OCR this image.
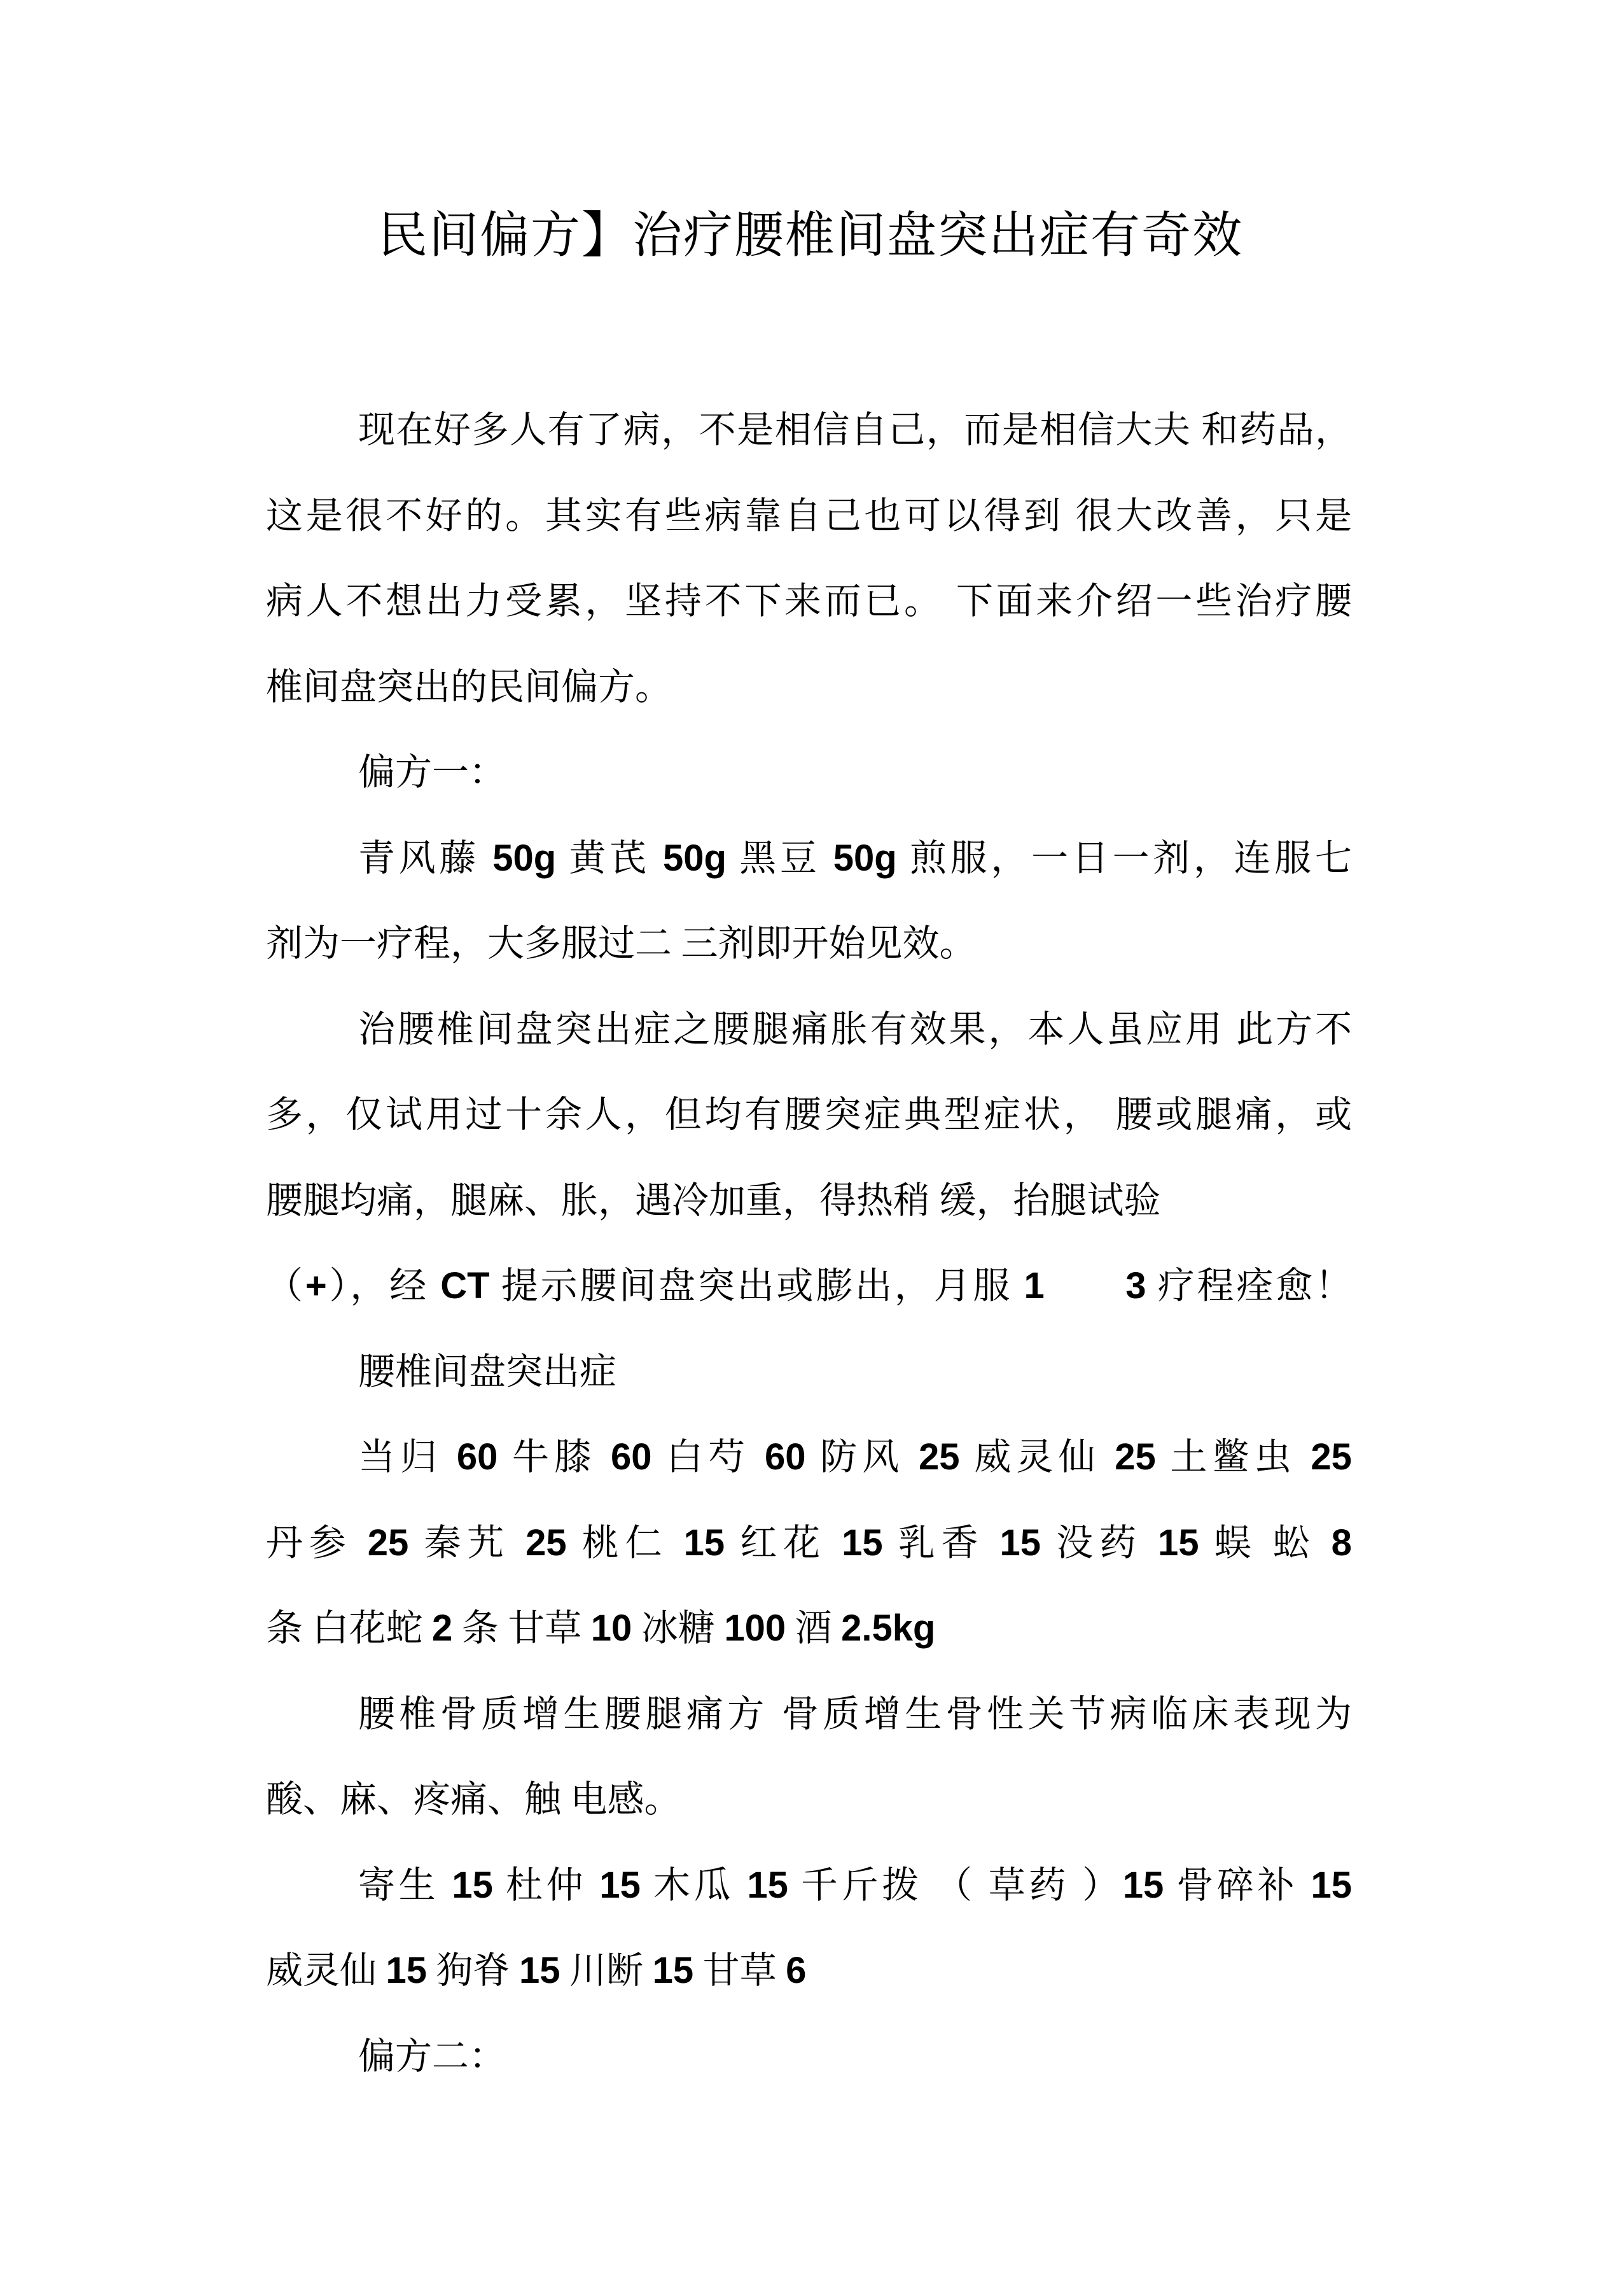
民间偏方】治疗腰椎间盘突出症有奇效
现在好多人有了病，不是相信自己，而是相信大夫 和药品，
这是很不好的。其实有些病靠自己也可以得到 很大改善，只是
病人不想出力受累，坚持不下来而已。 下面来介绍一些治疗腰
椎间盘突出的民间偏方。
偏方一：
青风藤 50g 黄芪 50g 黑豆 50g 煎服，一日一剂，连服七
剂为一疗程，大多服过二 三剂即开始见效。
治腰椎间盘突出症之腰腿痛胀有效果，本人虽应用 此方不
多，仅试用过十余人，但均有腰突症典型症状， 腰或腿痛，或
腰腿均痛，腿麻、胀，遇冷加重，得热稍 缓，抬腿试验
（+），经 CT 提示腰间盘突出或膨出，月服 1　　 3 疗程痊愈！
腰椎间盘突出症
当归 60 牛膝 60 白芍 60 防风 25 威灵仙 25 土鳖虫 25
丹参 25 秦艽 25 桃仁 15 红花 15 乳香 15 没药 15 蜈 蚣 8
条 白花蛇 2 条 甘草 10 冰糖 100 酒 2.5kg
腰椎骨质增生腰腿痛方 骨质增生骨性关节病临床表现为
酸、麻、疼痛、触 电感。
寄生 15 杜仲 15 木瓜 15 千斤拨 （ 草药 ）15 骨碎补 15
威灵仙 15 狗脊 15 川断 15 甘草 6
偏方二：
